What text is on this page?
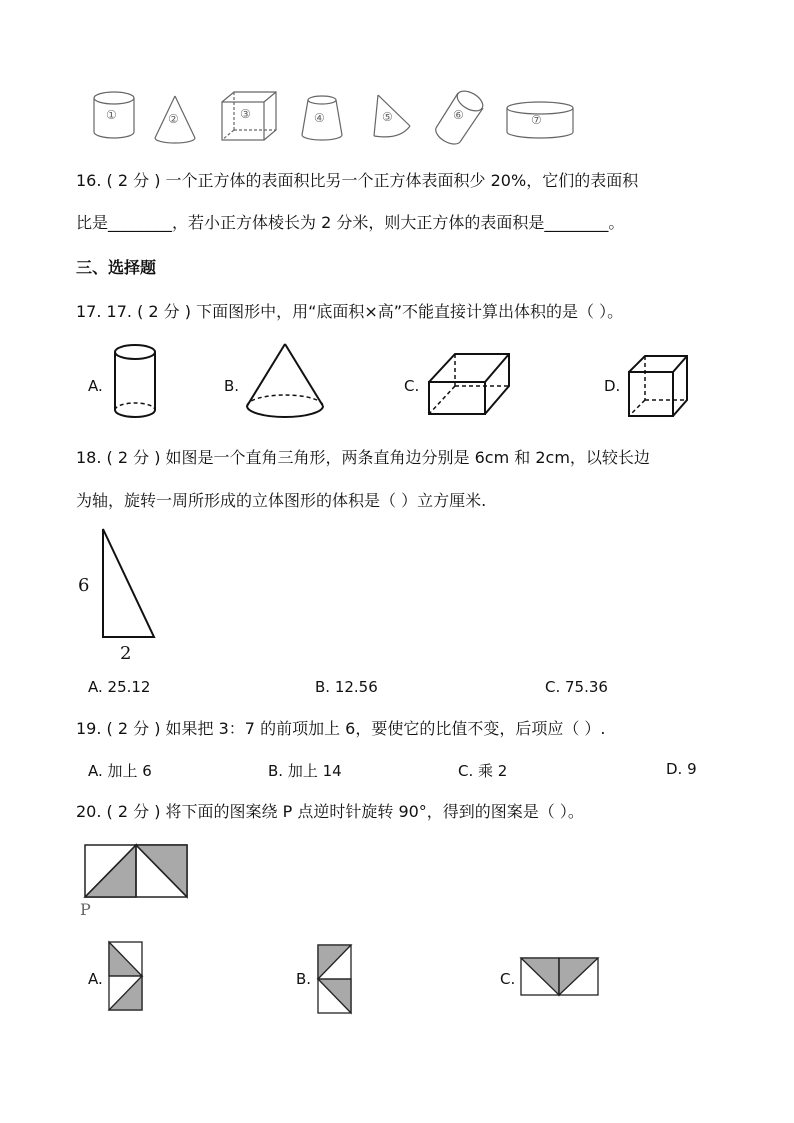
①	②	③	④	⑤	⑥	⑦
16. ( 2 分 ) 一个正方体的表面积比另一个正方体表面积少 20%，它们的表面积
比是________，若小正方体棱长为 2 分米，则大正方体的表面积是________。
三、选择题
17. 17. ( 2 分 ) 下面图形中，用“底面积×高”不能直接计算出体积的是（ ）。
A.	B.	C.	D.
18. ( 2 分 ) 如图是一个直角三角形，两条直角边分别是 6cm 和 2cm，以较长边
为轴，旋转一周所形成的立体图形的体积是（ ）立方厘米.
6
2
A. 25.12	B. 12.56	C. 75.36
19. ( 2 分 ) 如果把 3：7 的前项加上 6，要使它的比值不变，后项应（ ）.
A. 加上 6	B. 加上 14	C. 乘 2	D. 9
20. ( 2 分 ) 将下面的图案绕 P 点逆时针旋转 90°，得到的图案是（ ）。
P
A.	B.	C.
